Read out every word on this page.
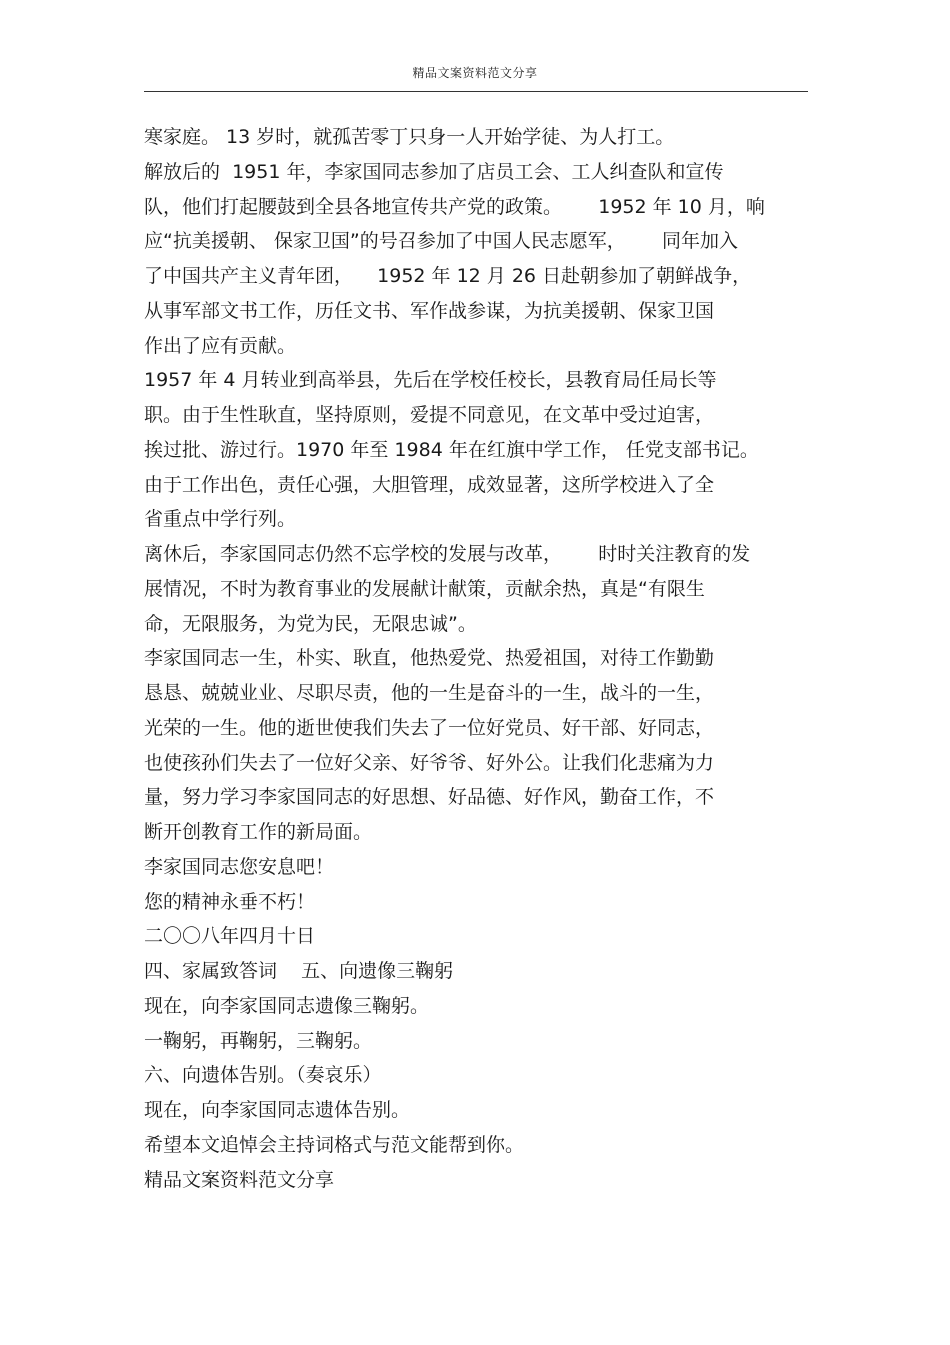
精品文案资料范文分享
寒家庭。 13 岁时，就孤苦零丁只身一人开始学徒、为人打工。
解放后的  1951 年，李家国同志参加了店员工会、工人纠查队和宣传
队，他们打起腰鼓到全县各地宣传共产党的政策。      1952 年 10 月，响
应“抗美援朝、 保家卫国”的号召参加了中国人民志愿军，      同年加入
了中国共产主义青年团，    1952 年 12 月 26 日赴朝参加了朝鲜战争，
从事军部文书工作，历任文书、军作战参谋，为抗美援朝、保家卫国
作出了应有贡献。
1957 年 4 月转业到高举县，先后在学校任校长，县教育局任局长等
职。由于生性耿直，坚持原则，爱提不同意见，在文革中受过迫害，
挨过批、游过行。1970 年至 1984 年在红旗中学工作， 任党支部书记。
由于工作出色，责任心强，大胆管理，成效显著，这所学校进入了全
省重点中学行列。
离休后，李家国同志仍然不忘学校的发展与改革，      时时关注教育的发
展情况，不时为教育事业的发展献计献策，贡献余热，真是“有限生
命，无限服务，为党为民，无限忠诚”。
李家国同志一生，朴实、耿直，他热爱党、热爱祖国，对待工作勤勤
恳恳、兢兢业业、尽职尽责，他的一生是奋斗的一生，战斗的一生，
光荣的一生。他的逝世使我们失去了一位好党员、好干部、好同志，
也使孩孙们失去了一位好父亲、好爷爷、好外公。让我们化悲痛为力
量，努力学习李家国同志的好思想、好品德、好作风，勤奋工作，不
断开创教育工作的新局面。
李家国同志您安息吧！
您的精神永垂不朽！
二〇〇八年四月十日
四、家属致答词    五、向遗像三鞠躬
现在，向李家国同志遗像三鞠躬。
一鞠躬，再鞠躬，三鞠躬。
六、向遗体告别。（奏哀乐）
现在，向李家国同志遗体告别。
希望本文追悼会主持词格式与范文能帮到你。
精品文案资料范文分享
